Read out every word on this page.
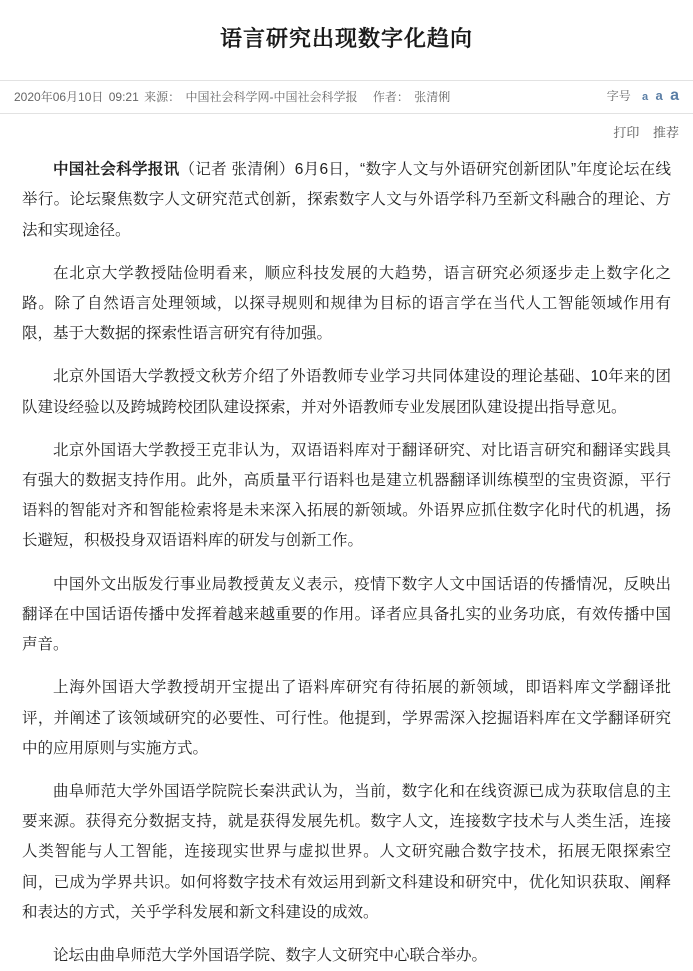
语言研究出现数字化趋向
2020年06月10日 09:21 来源： 中国社会科学网-中国社会科学报 作者： 张清俐	字号 a a a
打印 推荐

中国社会科学报讯（记者 张清俐）6月6日，“数字人文与外语研究创新团队”年度论坛在线举行。论坛聚焦数字人文研究范式创新，探索数字人文与外语学科乃至新文科融合的理论、方法和实现途径。

在北京大学教授陆俭明看来，顺应科技发展的大趋势，语言研究必须逐步走上数字化之路。除了自然语言处理领域，以探寻规则和规律为目标的语言学在当代人工智能领域作用有限，基于大数据的探索性语言研究有待加强。

北京外国语大学教授文秋芳介绍了外语教师专业学习共同体建设的理论基础、10年来的团队建设经验以及跨城跨校团队建设探索，并对外语教师专业发展团队建设提出指导意见。

北京外国语大学教授王克非认为，双语语料库对于翻译研究、对比语言研究和翻译实践具有强大的数据支持作用。此外，高质量平行语料也是建立机器翻译训练模型的宝贵资源，平行语料的智能对齐和智能检索将是未来深入拓展的新领域。外语界应抓住数字化时代的机遇，扬长避短，积极投身双语语料库的研发与创新工作。

中国外文出版发行事业局教授黄友义表示，疫情下数字人文中国话语的传播情况，反映出翻译在中国话语传播中发挥着越来越重要的作用。译者应具备扎实的业务功底，有效传播中国声音。

上海外国语大学教授胡开宝提出了语料库研究有待拓展的新领域，即语料库文学翻译批评，并阐述了该领域研究的必要性、可行性。他提到，学界需深入挖掘语料库在文学翻译研究中的应用原则与实施方式。

曲阜师范大学外国语学院院长秦洪武认为，当前，数字化和在线资源已成为获取信息的主要来源。获得充分数据支持，就是获得发展先机。数字人文，连接数字技术与人类生活，连接人类智能与人工智能，连接现实世界与虚拟世界。人文研究融合数字技术，拓展无限探索空间，已成为学界共识。如何将数字技术有效运用到新文科建设和研究中，优化知识获取、阐释和表达的方式，关乎学科发展和新文科建设的成效。

论坛由曲阜师范大学外国语学院、数字人文研究中心联合举办。
